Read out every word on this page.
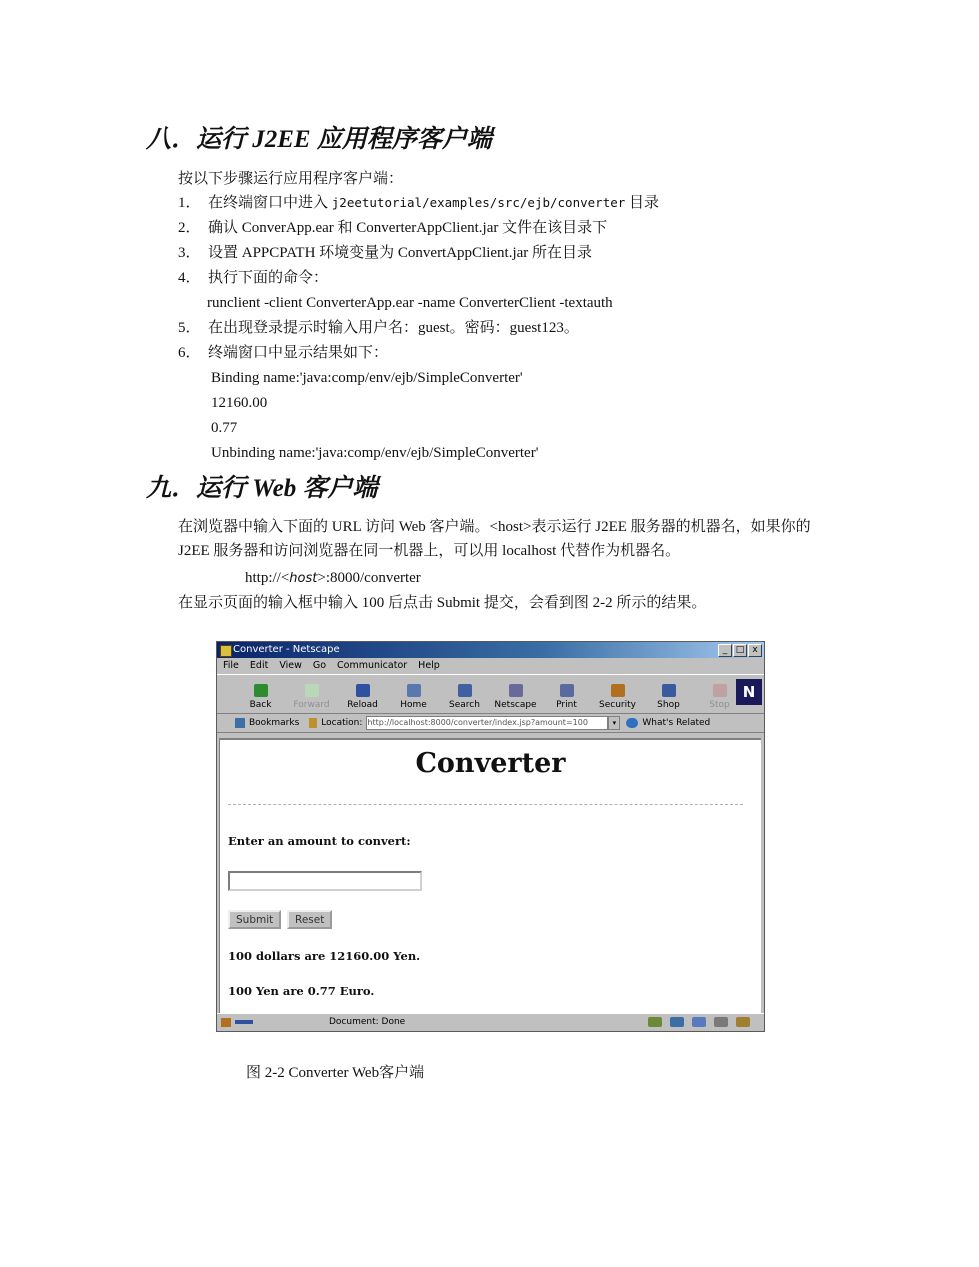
八．运行 J2EE 应用程序客户端

按以下步骤运行应用程序客户端：

1． 在终端窗口中进入 j2eetutorial/examples/src/ejb/converter 目录

2． 确认 ConverApp.ear 和 ConverterAppClient.jar 文件在该目录下

3． 设置 APPCPATH 环境变量为 ConvertAppClient.jar 所在目录

4． 执行下面的命令：

runclient -client ConverterApp.ear -name ConverterClient -textauth

5． 在出现登录提示时输入用户名：guest。密码：guest123。

6． 终端窗口中显示结果如下：

Binding name:'java:comp/env/ejb/SimpleConverter'

12160.00

0.77

Unbinding name:'java:comp/env/ejb/SimpleConverter'

九．运行 Web 客户端

在浏览器中输入下面的 URL 访问 Web 客户端。<host>表示运行 J2EE 服务器的机器名，如果你的 J2EE 服务器和访问浏览器在同一机器上，可以用 localhost 代替作为机器名。

http://<host>:8000/converter

在显示页面的输入框中输入 100 后点击 Submit 提交，会看到图 2-2 所示的结果。

Converter - Netscape	_ □ x
File Edit View Go Communicator Help
Back Forward Reload Home Search Netscape Print Security Shop	Stop
N
Bookmarks Location: http://localhost:8000/converter/index.jsp?amount=100	▾	What's Related
Converter

Enter an amount to convert:

Submit	Reset

100 dollars are 12160.00 Yen.

100 Yen are 0.77 Euro.

Document: Done

图 2-2 Converter Web客户端
